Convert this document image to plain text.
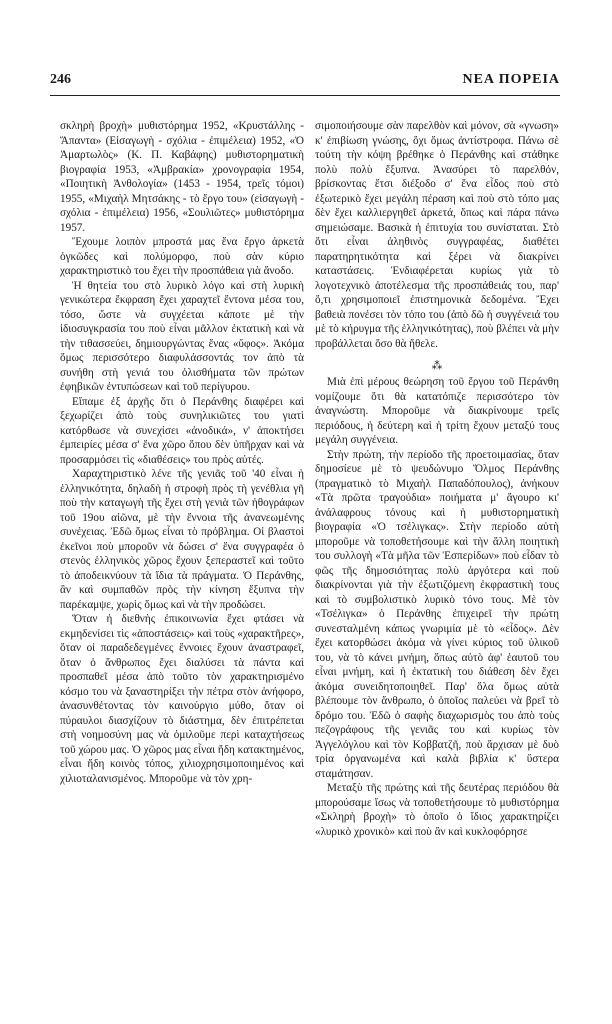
246	ΝΕΑ ΠΟΡΕΙΑ

σκληρὴ βροχὴ» μυθιστόρημα 1952, «Κρυστάλλης - Ἅπαντα» (Εἰσαγωγὴ - σχόλια - ἐπιμέλεια) 1952, «Ὁ Ἁμαρτωλὸς» (Κ. Π. Καβάφης) μυθιστορηματικὴ βιογραφία 1953, «Ἀμβρακία» χρονογραφία 1954, «Ποιητικὴ Ἀνθολογία» (1453 - 1954, τρεῖς τόμοι) 1955, «Μιχαὴλ Μητσάκης - τὸ ἔργο του» (εἰσαγωγὴ - σχόλια - ἐπιμέλεια) 1956, «Σουλιῶτες» μυθιστόρημα 1957.

Ἔχουμε λοιπὸν μπροστά μας ἕνα ἔργο ἀρκετὰ ὀγκῶδες καὶ πολύμορφο, ποὺ σὰν κύριο χαρακτηριστικὸ του ἔχει τὴν προσπάθεια γιὰ ἄνοδο.

Ἡ θητεία του στὸ λυρικὸ λόγο καὶ στὴ λυρικὴ γενικώτερα ἔκφραση ἔχει χαραχτεῖ ἔντονα μέσα του, τόσο, ὥστε νὰ συγχέεται κάποτε μὲ τὴν ἰδιοσυγκρασία του ποὺ εἶναι μᾶλλον ἐκτατικὴ καὶ νὰ τὴν τιθασσεύει, δημιουργώντας ἕνας «ὕφος». Ἀκόμα ὅμως περισσότερο διαφυλάσσοντάς τον ἀπὸ τὰ συνήθη στὴ γενιά του ὀλισθήματα τῶν πρώτων ἐφηβικῶν ἐντυπώσεων καὶ τοῦ περίγυρου.

Εἴπαμε ἐξ ἀρχῆς ὅτι ὁ Περάνθης διαφέρει καὶ ξεχωρίζει ἀπὸ τοὺς συνηλικιῶτες του γιατὶ κατόρθωσε νὰ συνεχίσει «ἀνοδικά», ν' ἀποκτήσει ἐμπειρίες μέσα σ' ἕνα χῶρο ὅπου δὲν ὑπῆρχαν καὶ νὰ προσαρμόσει τὶς «διαθέσεις» του πρὸς αὐτές.

Χαραχτηριστικὸ λένε τῆς γενιᾶς τοῦ '40 εἶναι ἡ ἑλληνικότητα, δηλαδὴ ἡ στροφὴ πρὸς τὴ γενέθλια γῆ ποὺ τὴν καταγωγὴ τῆς ἔχει στὴ γενιὰ τῶν ἠθογράφων τοῦ 19ου αἰῶνα, μὲ τὴν ἔννοια τῆς ἀνανεωμένης συνέχειας. Ἐδῶ ὅμως εἶναι τὸ πρόβλημα. Οἱ βλαστοὶ ἐκεῖνοι ποὺ μποροῦν νὰ δώσει σ' ἕνα συγγραφέα ὁ στενὸς ἑλληνικὸς χῶρος ἔχουν ξεπεραστεῖ καὶ τοῦτο τὸ ἀποδεικνύουν τὰ ἴδια τὰ πράγματα. Ὁ Περάνθης, ἂν καὶ συμπαθῶν πρὸς τὴν κίνηση ἔξυπνα τὴν παρέκαμψε, χωρὶς ὅμως καὶ νὰ τὴν προδώσει.

Ὅταν ἡ διεθνὴς ἐπικοινωνία ἔχει φτάσει νὰ εκμηδενίσει τὶς «ἀποστάσεις» καὶ τοὺς «χαρακτῆρες», ὅταν οἱ παραδεδεγμένες ἔννοιες ἔχουν ἀναστραφεῖ, ὅταν ὁ ἄνθρωπος ἔχει διαλύσει τὰ πάντα καὶ προσπαθεῖ μέσα ἀπὸ τοῦτο τὸν χαρακτηρισμένο κόσμο του νὰ ξαναστηρίξει τὴν πέτρα στὸν ἀνήφορο, ἀνασυνθέτοντας τὸν καινούργιο μύθο, ὅταν οἱ πύραυλοι διασχίζουν τὸ διάστημα, δὲν ἐπιτρέπεται στὴ νοημοσύνη μας νὰ ὁμιλοῦμε περὶ καταχτήσεως τοῦ χώρου μας. Ὁ χῶρος μας εἶναι ἤδη κατακτημένος, εἶναι ἤδη κοινὸς τόπος, χιλιοχρησιμοποιημένος καὶ χιλιοταλανισμένος. Μποροῦμε νὰ τὸν χρη-

σιμοποιήσουμε σὰν παρελθὸν καὶ μόνον, σὰ «γνωση» κ' ἐπιβίωση γνώσης, ὄχι ὅμως ἀντίστροφα. Πάνω σὲ τούτη τὴν κόψη βρέθηκε ὁ Περάνθης καὶ στάθηκε πολὺ πολὺ ἔξυπνα. Ἀνασύρει τὸ παρελθόν, βρίσκοντας ἔτσι διέξοδο σ' ἕνα εἶδος ποὺ στὸ ἐξωτερικὸ ἔχει μεγάλη πέραση καὶ ποὺ στὸ τόπο μας δὲν ἔχει καλλιεργηθεῖ ἀρκετά, ὅπως καὶ πάρα πάνω σημειώσαμε. Βασικὰ ἡ ἐπιτυχία του συνίσταται. Στὸ ὅτι εἶναι ἀληθινὸς συγγραφέας, διαθέτει παρατηρητικότητα καὶ ξέρει νὰ διακρίνει καταστάσεις. Ἐνδιαφέρεται κυρίως γιὰ τὸ λογοτεχνικὸ ἀποτέλεσμα τῆς προσπάθειάς του, παρ' ὅ,τι χρησιμοποιεῖ ἐπιστημονικὰ δεδομένα. Ἔχει βαθειὰ πονέσει τὸν τόπο του (ἀπὸ δῶ ἡ συγγένειά του μὲ τὸ κήρυγμα τῆς ἑλληνικότητας), ποὺ βλέπει νὰ μὴν προβάλλεται ὅσο θὰ ἤθελε.

⁂

Μιὰ ἐπὶ μέρους θεώρηση τοῦ ἔργου τοῦ Περάνθη νομίζουμε ὅτι θὰ κατατόπιζε περισσότερο τὸν ἀναγνώστη. Μποροῦμε νὰ διακρίνουμε τρεῖς περιόδους, ἡ δεύτερη καὶ ἡ τρίτη ἔχουν μεταξύ τους μεγάλη συγγένεια.

Στὴν πρώτη, τὴν περίοδο τῆς προετοιμασίας, ὅταν δημοσίευε μὲ τὸ ψευδώνυμο Ὄλμος Περάνθης (πραγματικὸ τὸ Μιχαὴλ Παπαδόπουλος), ἀνήκουν «Τὰ πρῶτα τραγούδια» ποιήματα μ' ἄγουρο κι' ἀνάλαφρους τόνους καὶ ἡ μυθιστορηματικὴ βιογραφία «Ὁ τσέλιγκας». Στὴν περίοδο αὐτὴ μποροῦμε νὰ τοποθετήσουμε καὶ τὴν ἄλλη ποιητικὴ του συλλογὴ «Τὰ μῆλα τῶν Ἑσπερίδων» ποὺ εἶδαν τὸ φῶς τῆς δημοσιότητας πολὺ ἀργότερα καὶ ποὺ διακρίνονται γιὰ τὴν ἐξωτιζόμενη ἐκφραστικὴ τους καὶ τὸ συμβολιστικὸ λυρικὸ τόνο τους. Μὲ τὸν «Τσέλιγκα» ὁ Περάνθης ἐπιχειρεῖ τὴν πρώτη συνεσταλμένη κάπως γνωριμία μὲ τὸ «εἶδος». Δὲν ἔχει κατορθώσει ἀκόμα νὰ γίνει κύριος τοῦ ὑλικοῦ του, νὰ τὸ κάνει μνήμη, ὅπως αὐτὸ ἀφ' ἑαυτοῦ του εἶναι μνήμη, καὶ ἡ ἐκτατικὴ του διάθεση δὲν ἔχει ἀκόμα συνειδητοποιηθεῖ. Παρ' ὅλα ὅμως αὐτὰ βλέπουμε τὸν ἄνθρωπο, ὁ ὁποῖος παλεύει νὰ βρεῖ τὸ δρόμο του. Ἐδῶ ὁ σαφὴς διαχωρισμὸς του ἀπὸ τοὺς πεζογράφους τῆς γενιᾶς του καὶ κυρίως τὸν Ἀγγελόγλου καὶ τὸν Κοββατζῆ, ποὺ ἄρχισαν μὲ δυὸ τρία ὀργανωμένα καὶ καλὰ βιβλία κ' ὕστερα σταμάτησαν.

Μεταξὺ τῆς πρώτης καὶ τῆς δευτέρας περιόδου θὰ μπορούσαμε ἴσως νὰ τοποθετήσουμε τὸ μυθιστόρημα «Σκληρὴ βροχὴ» τὸ ὁποῖο ὁ ἴδιος χαρακτηρίζει «λυρικὸ χρονικὸ» καὶ ποὺ ἂν καὶ κυκλοφόρησε
